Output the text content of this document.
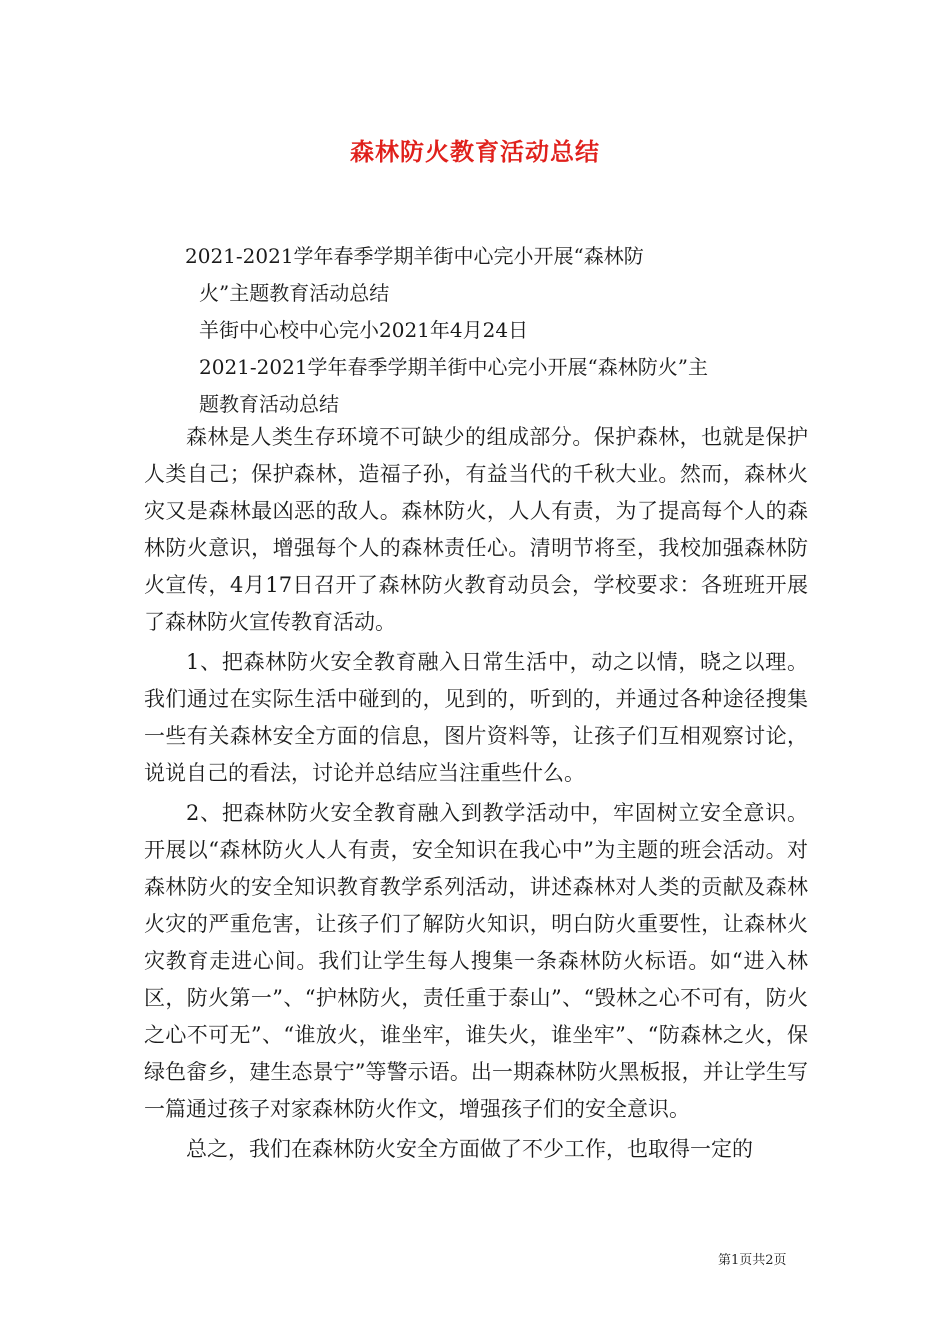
森林防火教育活动总结
2021-2021学年春季学期羊街中心完小开展“森林防
火”主题教育活动总结
羊街中心校中心完小2021年4月24日
2021-2021学年春季学期羊街中心完小开展“森林防火”主
题教育活动总结

森林是人类生存环境不可缺少的组成部分。保护森林，也就是保护人类自己；保护森林，造福子孙，有益当代的千秋大业。然而，森林火灾又是森林最凶恶的敌人。森林防火，人人有责，为了提高每个人的森林防火意识，增强每个人的森林责任心。清明节将至，我校加强森林防火宣传，4月17日召开了森林防火教育动员会，学校要求：各班班开展了森林防火宣传教育活动。

1、把森林防火安全教育融入日常生活中，动之以情，晓之以理。我们通过在实际生活中碰到的，见到的，听到的，并通过各种途径搜集一些有关森林安全方面的信息，图片资料等，让孩子们互相观察讨论，说说自己的看法，讨论并总结应当注重些什么。

2、把森林防火安全教育融入到教学活动中，牢固树立安全意识。开展以“森林防火人人有责，安全知识在我心中”为主题的班会活动。对森林防火的安全知识教育教学系列活动，讲述森林对人类的贡献及森林火灾的严重危害，让孩子们了解防火知识，明白防火重要性，让森林火灾教育走进心间。我们让学生每人搜集一条森林防火标语。如“进入林区，防火第一”、“护林防火，责任重于泰山”、“毁林之心不可有，防火之心不可无”、“谁放火，谁坐牢，谁失火，谁坐牢”、“防森林之火，保绿色畲乡，建生态景宁”等警示语。出一期森林防火黑板报，并让学生写一篇通过孩子对家森林防火作文，增强孩子们的安全意识。

总之，我们在森林防火安全方面做了不少工作，也取得一定的

第1页共2页
